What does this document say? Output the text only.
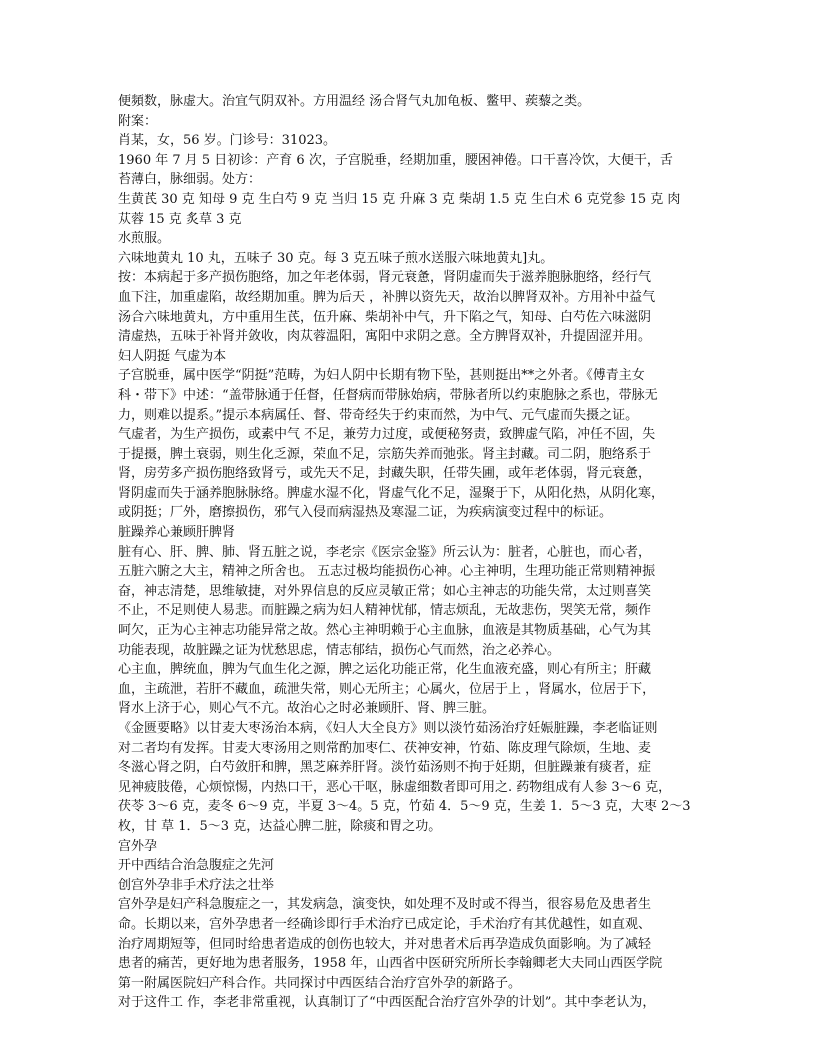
便頻数，脉虚大。治宜气阴双补。方用温经 汤合肾气丸加龟板、鳖甲、蒺藜之类。
附案：
肖某，女，56 岁。门诊号：31023。
1960 年 7 月 5 日初诊：产育 6 次，子宫脱垂，经期加重，腰困神倦。口干喜冷饮，大便干，舌
苔薄白，脉细弱。处方：
生黄芪 30 克 知母 9 克 生白芍 9 克 当归 15 克 升麻 3 克 柴胡 1.5 克 生白术 6 克党参 15 克 肉
苁蓉 15 克 炙草 3 克
水煎服。
六味地黄丸 10 丸，五味子 30 克。每 3 克五味子煎水送服六味地黄丸]丸。
按：本病起于多产损伤胞络，加之年老体弱，肾元衰惫，肾阴虚而失于滋养胞脉胞络，经行气
血下注，加重虚陷，故经期加重。脾为后天 ，补脾以资先天，故治以脾肾双补。方用补中益气
汤合六味地黄丸，方中重用生芪，伍升麻、柴胡补中气，升下陷之气，知母、白芍佐六味滋阴
清虚热，五味于补肾并敛收，肉苁蓉温阳，寓阳中求阴之意。全方脾肾双补，升提固涩并用。
妇人阴挺 气虚为本
子宫脱垂，属中医学“阴挺”范畴，为妇人阴中长期有物下坠，甚则挺出**之外者。《傅青主女
科・带下》中述：“盖带脉通于任督，任督病而带脉始病，带脉者所以约束胞脉之系也，带脉无
力，则难以提系。”提示本病属任、督、带奇经失于约束而然，为中气、元气虚而失摄之证。
气虚者，为生产损伤，或素中气 不足，兼劳力过度，或便秘努责，致脾虚气陷，冲任不固，失
于提摄，脾土衰弱，则生化乏源，荣血不足，宗筋失养而弛张。肾主封藏。司二阴，胞络系于
肾，房劳多产损伤胞络致肾亏，或先天不足，封藏失职，任带失圃，或年老体弱，肾元衰惫，
肾阴虚而失于涵养胞脉脉络。脾虚水湿不化，肾虚气化不足，湿聚于下，从阳化热，从阴化寒，
或阴挺；厂外，磨擦损伤，邪气入侵而病湿热及寒湿二证，为疾病演变过程中的标证。
脏躁养心兼顾肝脾肾
脏有心、肝、脾、肺、肾五脏之说，李老宗《医宗金鉴》所云认为：脏者，心脏也，而心者，
五脏六腑之大主，精神之所舍也。 五志过极均能损伤心神。心主神明，生理功能正常则精神振
奋，神志清楚，思维敏捷，对外界信息的反应灵敏正常；如心主神志的功能失常，太过则喜笑
不止，不足则使人易悲。而脏躁之病为妇人精神忧郁，情志烦乱，无故悲伤，哭笑无常，频作
呵欠，正为心主神志功能异常之故。然心主神明赖于心主血脉，血液是其物质基础，心气为其
功能表现，故脏躁之证为忧愁思虑，情志郁结，损伤心气而然，治之必养心。
心主血，脾统血，脾为气血生化之源，脾之运化功能正常，化生血液充盛，则心有所主；肝藏
血，主疏泄，若肝不藏血，疏泄失常，则心无所主；心属火，位居于上 ，肾属水，位居于下，
肾水上济于心，则心气不亢。故治心之时必兼顾肝、肾、脾三脏。
《金匮要略》以甘麦大枣汤治本病，《妇人大全良方》则以淡竹茹汤治疗妊娠脏躁，李老临证则
对二者均有发挥。甘麦大枣汤用之则常酌加枣仁、茯神安神，竹茹、陈皮理气除烦，生地、麦
冬滋心肾之阴，白芍敛肝和脾，黑芝麻养肝肾。淡竹茹汤则不拘于妊期，但脏躁兼有痰者，症
见神疲肢倦，心烦惊惕，内热口干，恶心干呕，脉虚细数者即可用之. 药物组成有人参 3～6 克，
茯苓 3～6 克，麦冬 6～9 克，半夏 3～4。5 克，竹茹 4．5～9 克，生姜 1．5～3 克，大枣 2～3
枚，甘 草 1．5～3 克，达益心脾二脏，除痰和胃之功。
宫外孕
开中西结合治急腹症之先河
创宫外孕非手术疗法之壮举
宫外孕是妇产科急腹症之一，其发病急，演变快，如处理不及时或不得当，很容易危及患者生
命。长期以来，宫外孕患者一经确诊即行手术治疗已成定论，手术治疗有其优越性，如直观、
治疗周期短等，但同时给患者造成的创伤也较大，并对患者术后再孕造成负面影响。为了减轻
患者的痛苦，更好地为患者服务，1958 年，山西省中医研究所所长李翰卿老大夫同山西医学院
第一附属医院妇产科合作。共同探讨中西医结合治疗宫外孕的新路子。
对于这件工 作，李老非常重视，认真制订了“中西医配合治疗宫外孕的计划”。其中李老认为，
